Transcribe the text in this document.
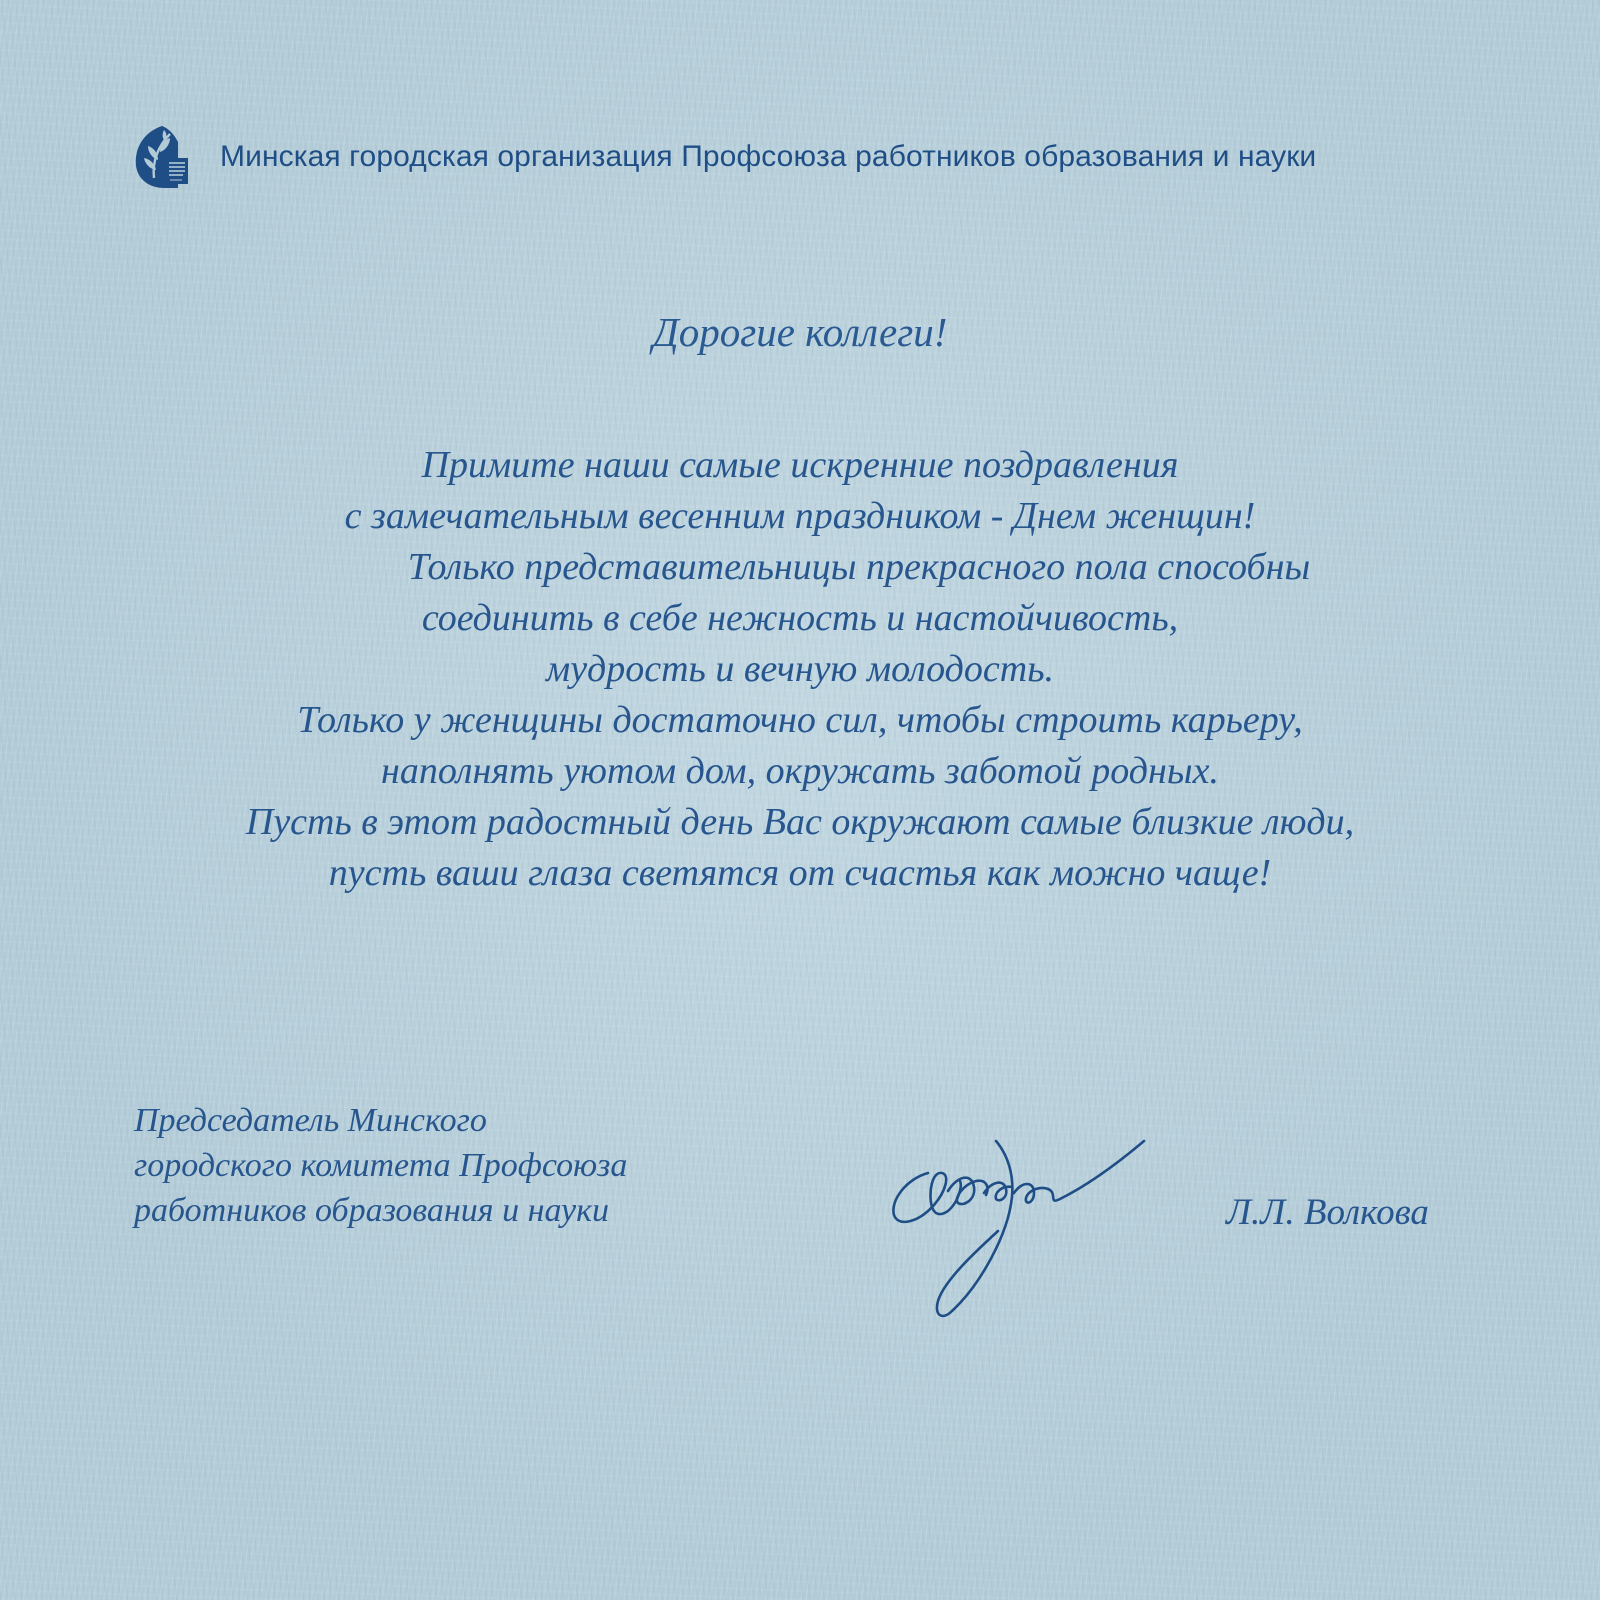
Минская городская организация Профсоюза работников образования и науки
Дорогие коллеги!
Примите наши самые искренние поздравления
с замечательным весенним праздником - Днем женщин!
Только представительницы прекрасного пола способны
соединить в себе нежность и настойчивость,
мудрость и вечную молодость.
Только у женщины достаточно сил, чтобы строить карьеру,
наполнять уютом дом, окружать заботой родных.
Пусть в этот радостный день Вас окружают самые близкие люди,
пусть ваши глаза светятся от счастья как можно чаще!
Председатель Минского
городского комитета Профсоюза
работников образования и науки	Л.Л. Волкова
